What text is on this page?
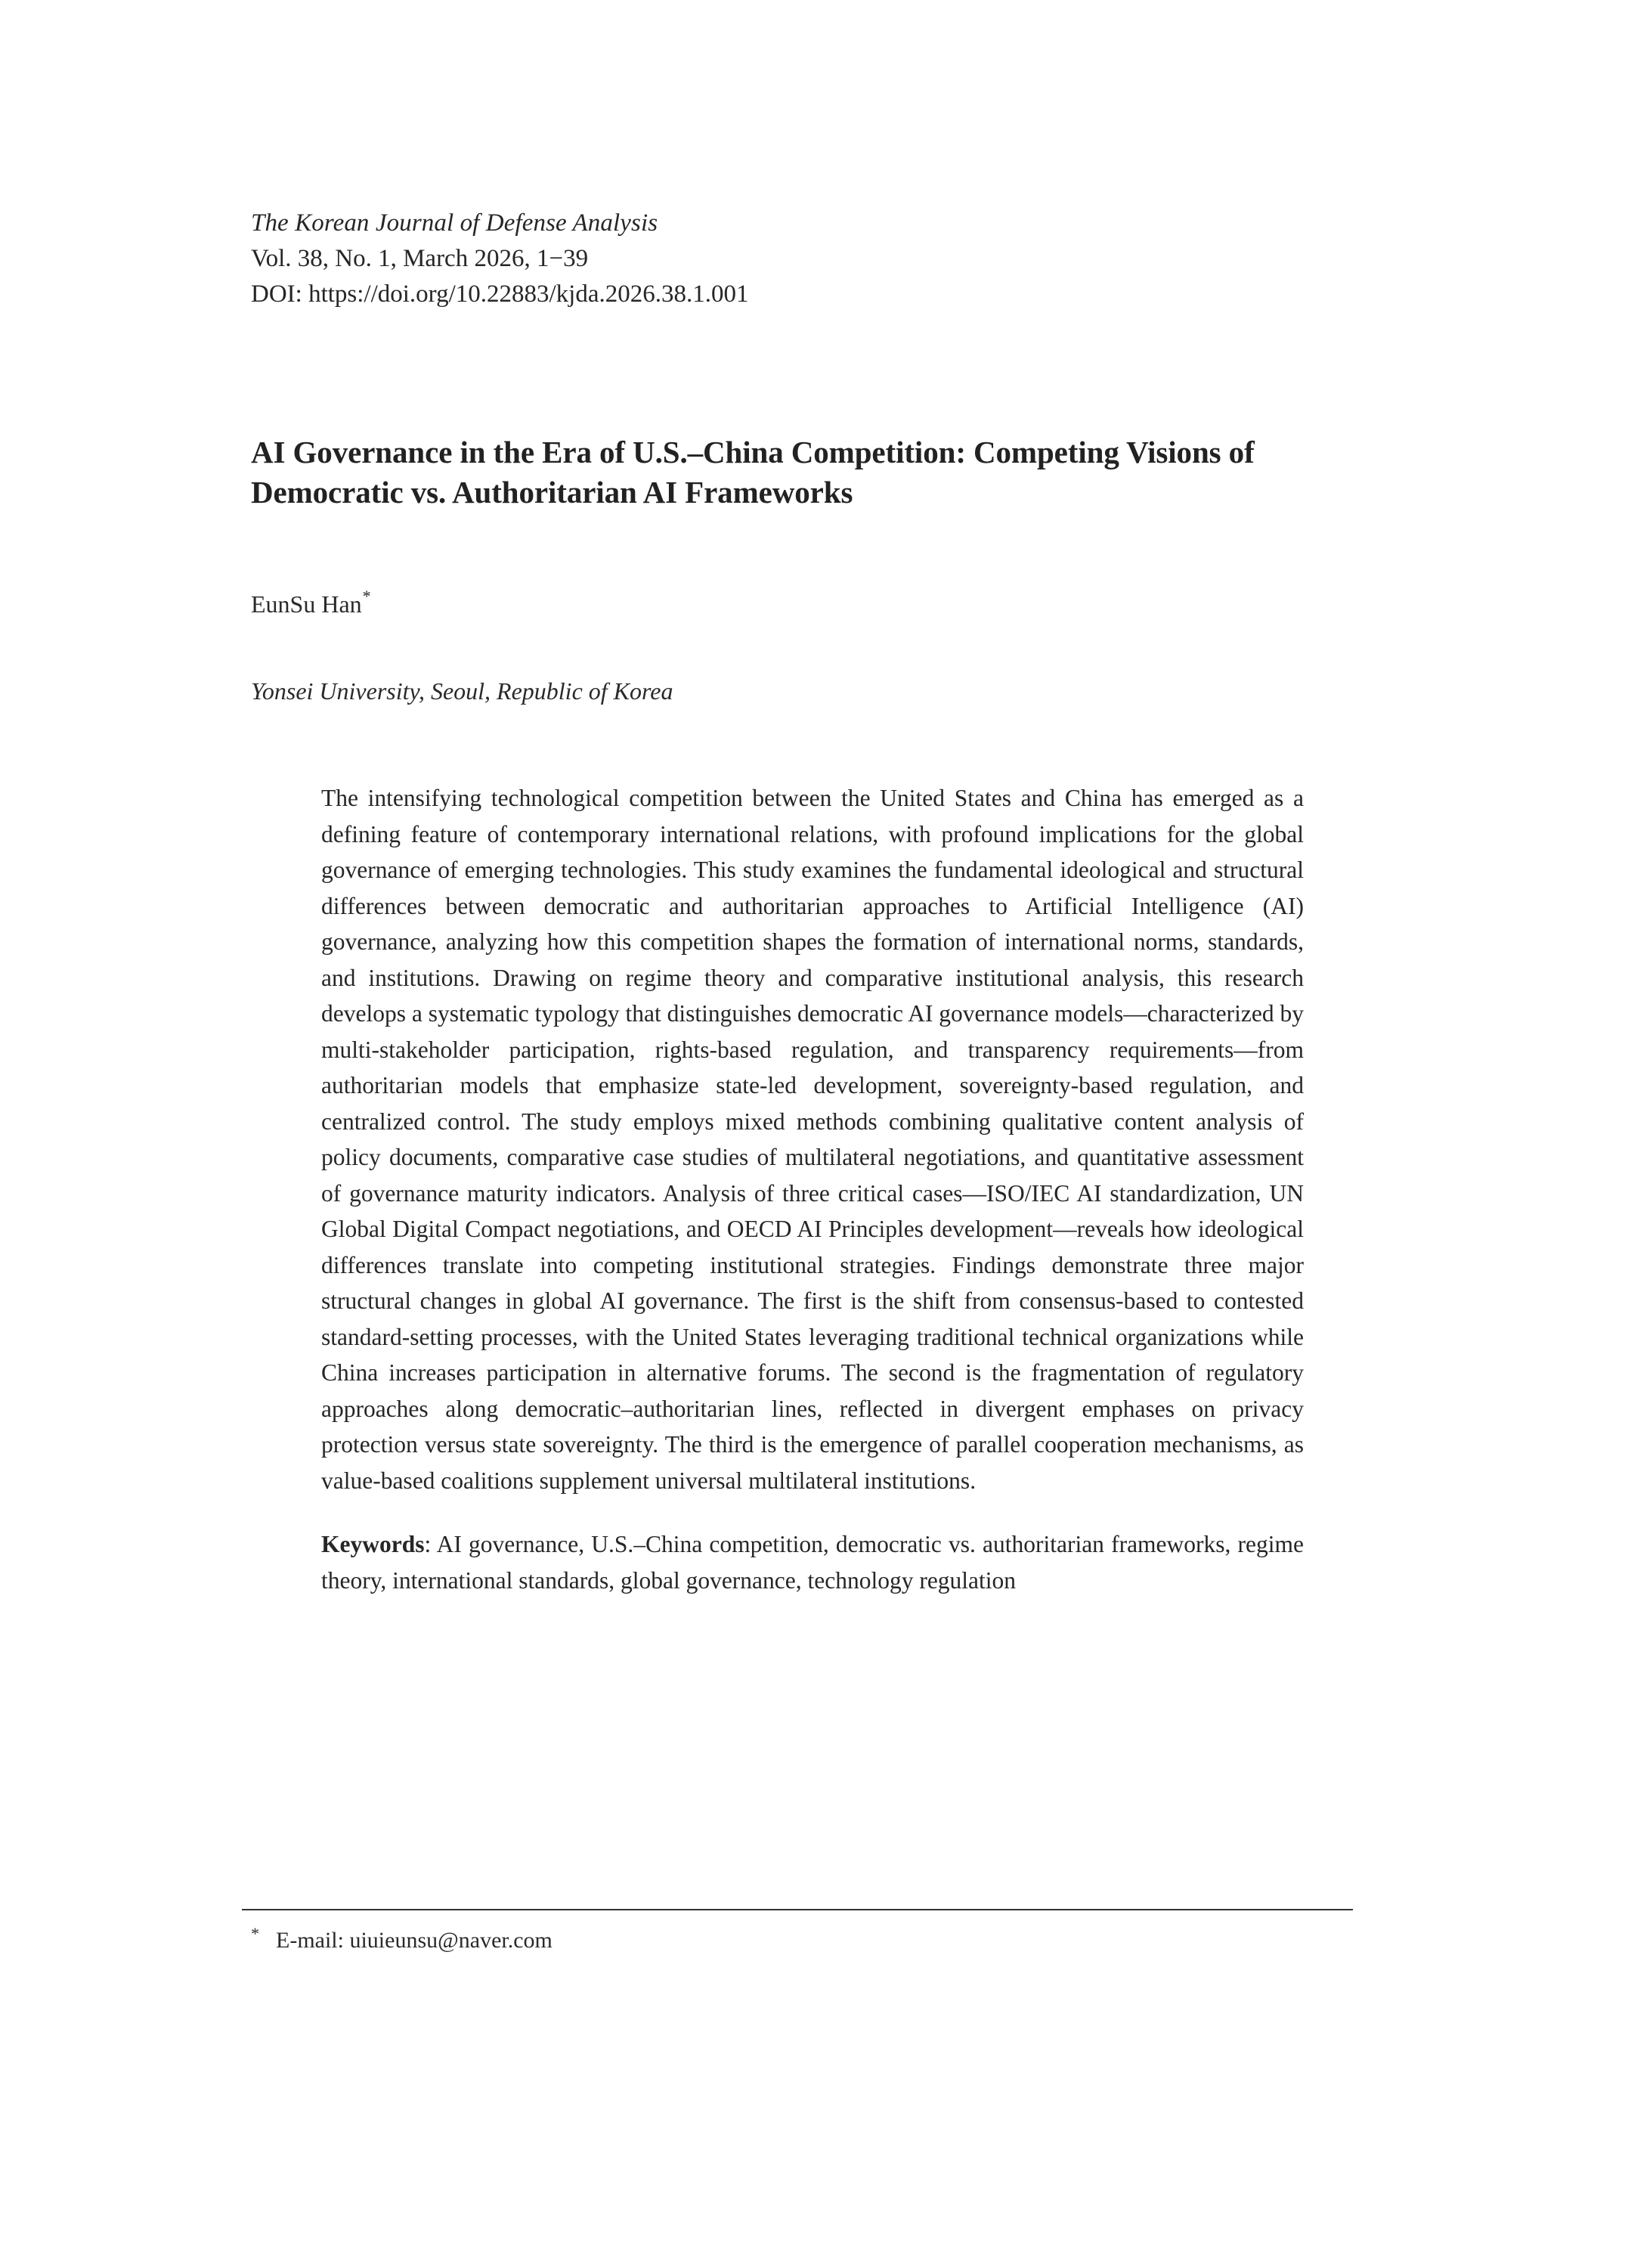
The Korean Journal of Defense Analysis
Vol. 38, No. 1, March 2026, 1−39
DOI: https://doi.org/10.22883/kjda.2026.38.1.001
AI Governance in the Era of U.S.–China Competition: Competing Visions of Democratic vs. Authoritarian AI Frameworks
EunSu Han*
Yonsei University, Seoul, Republic of Korea

The intensifying technological competition between the United States and China has emerged as a defining feature of contemporary international relations, with profound implications for the global governance of emerging technologies. This study examines the fundamental ideological and structural differences between democratic and authoritarian approaches to Artificial Intelligence (AI) governance, analyzing how this competition shapes the formation of international norms, standards, and institutions. Drawing on regime theory and comparative institutional analysis, this research develops a systematic typology that distinguishes democratic AI governance models—characterized by multi-stakeholder participation, rights-based regulation, and transparency requirements—from authoritarian models that emphasize state-led development, sovereignty-based regulation, and centralized control. The study employs mixed methods combining qualitative content analysis of policy documents, comparative case studies of multilateral negotiations, and quantitative assessment of governance maturity indicators. Analysis of three critical cases—ISO/IEC AI standardization, UN Global Digital Compact negotiations, and OECD AI Principles development—reveals how ideological differences translate into competing institutional strategies. Findings demonstrate three major structural changes in global AI governance. The first is the shift from consensus-based to contested standard-setting processes, with the United States leveraging traditional technical organizations while China increases participation in alternative forums. The second is the fragmentation of regulatory approaches along democratic–authoritarian lines, reflected in divergent emphases on privacy protection versus state sovereignty. The third is the emergence of parallel cooperation mechanisms, as value-based coalitions supplement universal multilateral institutions.

Keywords: AI governance, U.S.–China competition, democratic vs. authoritarian frameworks, regime theory, international standards, global governance, technology regulation

* E-mail: uiuieunsu@naver.com
